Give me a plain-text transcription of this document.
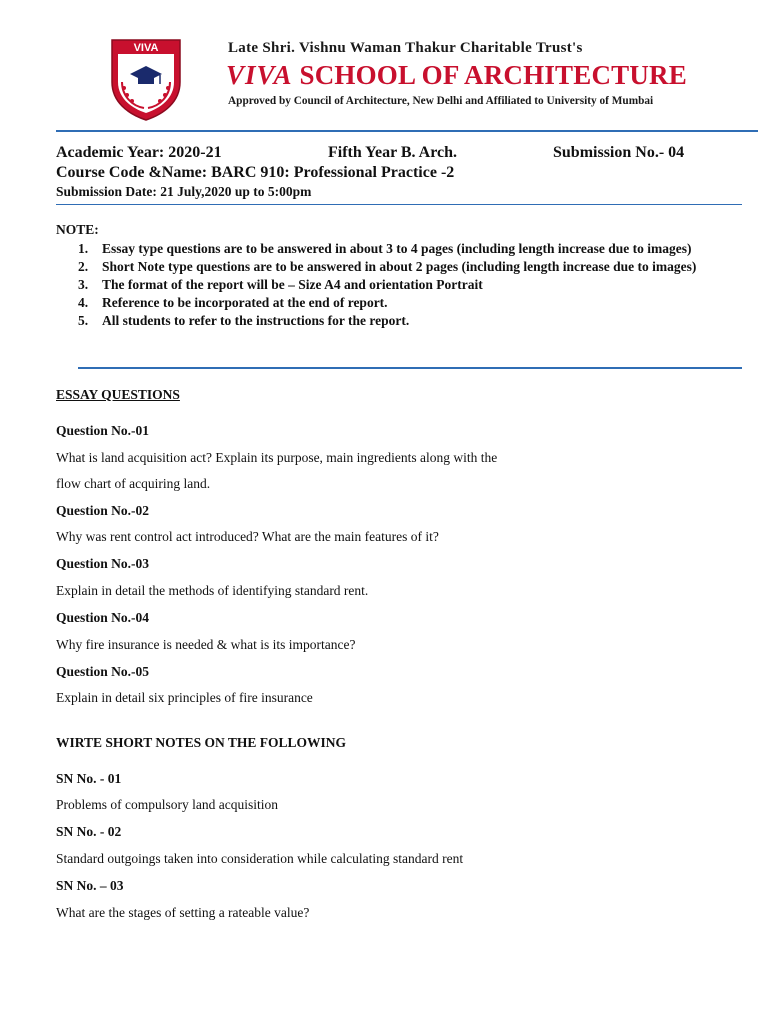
VIVA	Late Shri. Vishnu Waman Thakur Charitable Trust's
VIVA SCHOOL OF ARCHITECTURE
Approved by Council of Architecture, New Delhi and Affiliated to University of Mumbai
Academic Year: 2020-21	Fifth Year B. Arch.	Submission No.- 04
Course Code &Name: BARC 910: Professional Practice -2
Submission Date: 21 July,2020 up to 5:00pm
NOTE:
1. Essay type questions are to be answered in about 3 to 4 pages (including length increase due to images)
2. Short Note type questions are to be answered in about 2 pages (including length increase due to images)
3. The format of the report will be – Size A4 and orientation Portrait
4. Reference to be incorporated at the end of report.
5. All students to refer to the instructions for the report.
ESSAY QUESTIONS
Question No.-01
What is land acquisition act? Explain its purpose, main ingredients along with the
flow chart of acquiring land.
Question No.-02
Why was rent control act introduced? What are the main features of it?
Question No.-03
Explain in detail the methods of identifying standard rent.
Question No.-04
Why fire insurance is needed & what is its importance?
Question No.-05
Explain in detail six principles of fire insurance
WIRTE SHORT NOTES ON THE FOLLOWING
SN No. - 01
Problems of compulsory land acquisition
SN No. - 02
Standard outgoings taken into consideration while calculating standard rent
SN No. – 03
What are the stages of setting a rateable value?
